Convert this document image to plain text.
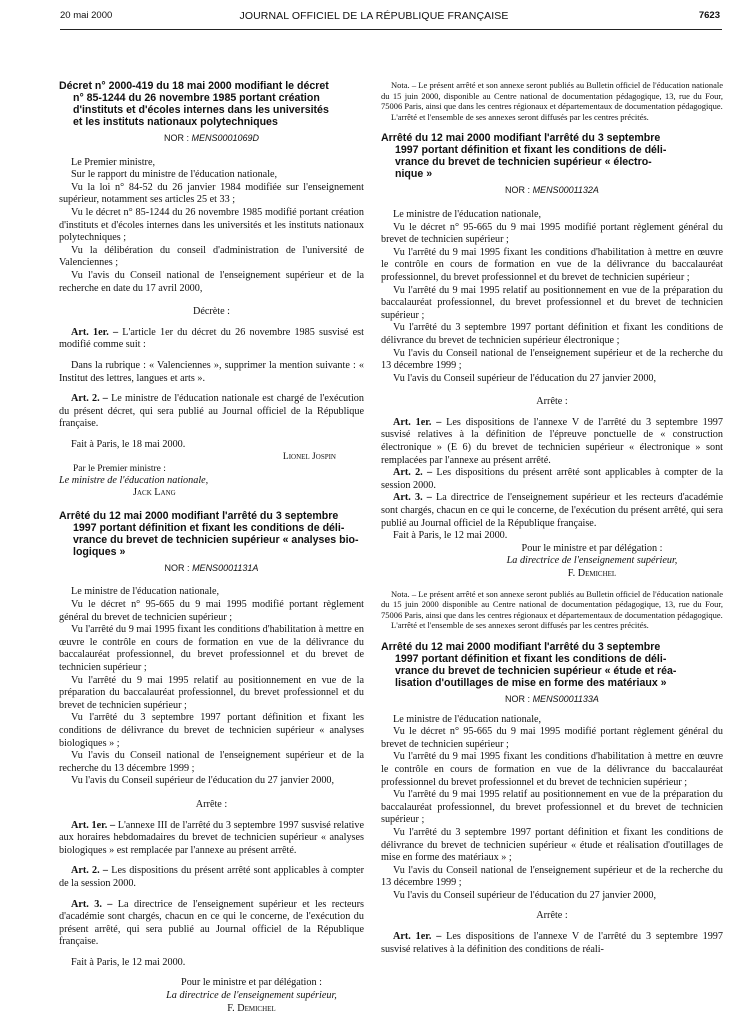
20 mai 2000	JOURNAL OFFICIEL DE LA RÉPUBLIQUE FRANÇAISE	7623
Décret n° 2000-419 du 18 mai 2000 modifiant le décret
n° 85-1244 du 26 novembre 1985 portant création
d'instituts et d'écoles internes dans les universités
et les instituts nationaux polytechniques
NOR : MENS0001069D

Le Premier ministre,

Sur le rapport du ministre de l'éducation nationale,

Vu la loi n° 84-52 du 26 janvier 1984 modifiée sur l'enseignement supérieur, notamment ses articles 25 et 33 ;

Vu le décret n° 85-1244 du 26 novembre 1985 modifié portant création d'instituts et d'écoles internes dans les universités et les instituts nationaux polytechniques ;

Vu la délibération du conseil d'administration de l'université de Valenciennes ;

Vu l'avis du Conseil national de l'enseignement supérieur et de la recherche en date du 17 avril 2000,

Décrète :

Art. 1er. – L'article 1er du décret du 26 novembre 1985 susvisé est modifié comme suit :

Dans la rubrique : « Valenciennes », supprimer la mention suivante : « Institut des lettres, langues et arts ».

Art. 2. – Le ministre de l'éducation nationale est chargé de l'exécution du présent décret, qui sera publié au Journal officiel de la République française.

Fait à Paris, le 18 mai 2000.

Lionel Jospin

Par le Premier ministre :

Le ministre de l'éducation nationale,

Jack Lang

Arrêté du 12 mai 2000 modifiant l'arrêté du 3 septembre
1997 portant définition et fixant les conditions de déli-
vrance du brevet de technicien supérieur « analyses bio-
logiques »
NOR : MENS0001131A

Le ministre de l'éducation nationale,

Vu le décret n° 95-665 du 9 mai 1995 modifié portant règlement général du brevet de technicien supérieur ;

Vu l'arrêté du 9 mai 1995 fixant les conditions d'habilitation à mettre en œuvre le contrôle en cours de formation en vue de la délivrance du baccalauréat professionnel, du brevet professionnel et du brevet de technicien supérieur ;

Vu l'arrêté du 9 mai 1995 relatif au positionnement en vue de la préparation du baccalauréat professionnel, du brevet professionnel et du brevet de technicien supérieur ;

Vu l'arrêté du 3 septembre 1997 portant définition et fixant les conditions de délivrance du brevet de technicien supérieur « analyses biologiques » ;

Vu l'avis du Conseil national de l'enseignement supérieur et de la recherche du 13 décembre 1999 ;

Vu l'avis du Conseil supérieur de l'éducation du 27 janvier 2000,

Arrête :

Art. 1er. – L'annexe III de l'arrêté du 3 septembre 1997 susvisé relative aux horaires hebdomadaires du brevet de technicien supérieur « analyses biologiques » est remplacée par l'annexe au présent arrêté.

Art. 2. – Les dispositions du présent arrêté sont applicables à compter de la session 2000.

Art. 3. – La directrice de l'enseignement supérieur et les recteurs d'académie sont chargés, chacun en ce qui le concerne, de l'exécution du présent arrêté, qui sera publié au Journal officiel de la République française.

Fait à Paris, le 12 mai 2000.

Pour le ministre et par délégation :

La directrice de l'enseignement supérieur,

F. Demichel

Nota. – Le présent arrêté et son annexe seront publiés au Bulletin officiel de l'éducation nationale du 15 juin 2000, disponible au Centre national de documentation pédagogique, 13, rue du Four, 75006 Paris, ainsi que dans les centres régionaux et départementaux de documentation pédagogique.

L'arrêté et l'ensemble de ses annexes seront diffusés par les centres précités.

Arrêté du 12 mai 2000 modifiant l'arrêté du 3 septembre
1997 portant définition et fixant les conditions de déli-
vrance du brevet de technicien supérieur « électro-
nique »
NOR : MENS0001132A

Le ministre de l'éducation nationale,

Vu le décret n° 95-665 du 9 mai 1995 modifié portant règlement général du brevet de technicien supérieur ;

Vu l'arrêté du 9 mai 1995 fixant les conditions d'habilitation à mettre en œuvre le contrôle en cours de formation en vue de la délivrance du baccalauréat professionnel, du brevet professionnel et du brevet de technicien supérieur ;

Vu l'arrêté du 9 mai 1995 relatif au positionnement en vue de la préparation du baccalauréat professionnel, du brevet professionnel et du brevet de technicien supérieur ;

Vu l'arrêté du 3 septembre 1997 portant définition et fixant les conditions de délivrance du brevet de technicien supérieur électronique ;

Vu l'avis du Conseil national de l'enseignement supérieur et de la recherche du 13 décembre 1999 ;

Vu l'avis du Conseil supérieur de l'éducation du 27 janvier 2000,

Arrête :

Art. 1er. – Les dispositions de l'annexe V de l'arrêté du 3 septembre 1997 susvisé relatives à la définition de l'épreuve ponctuelle de « construction électronique » (E 6) du brevet de technicien supérieur « électronique » sont remplacées par l'annexe au présent arrêté.

Art. 2. – Les dispositions du présent arrêté sont applicables à compter de la session 2000.

Art. 3. – La directrice de l'enseignement supérieur et les recteurs d'académie sont chargés, chacun en ce qui le concerne, de l'exécution du présent arrêté, qui sera publié au Journal officiel de la République française.

Fait à Paris, le 12 mai 2000.

Pour le ministre et par délégation :

La directrice de l'enseignement supérieur,

F. Demichel

Nota. – Le présent arrêté et son annexe seront publiés au Bulletin officiel de l'éducation nationale du 15 juin 2000 disponible au Centre national de documentation pédagogique, 13, rue du Four, 75006 Paris, ainsi que dans les centres régionaux et départementaux de documentation pédagogique.

L'arrêté et l'ensemble de ses annexes seront diffusés par les centres précités.

Arrêté du 12 mai 2000 modifiant l'arrêté du 3 septembre
1997 portant définition et fixant les conditions de déli-
vrance du brevet de technicien supérieur « étude et réa-
lisation d'outillages de mise en forme des matériaux »
NOR : MENS0001133A

Le ministre de l'éducation nationale,

Vu le décret n° 95-665 du 9 mai 1995 modifié portant règlement général du brevet de technicien supérieur ;

Vu l'arrêté du 9 mai 1995 fixant les conditions d'habilitation à mettre en œuvre le contrôle en cours de formation en vue de la délivrance du baccalauréat professionnel du brevet professionnel et du brevet de technicien supérieur ;

Vu l'arrêté du 9 mai 1995 relatif au positionnement en vue de la préparation du baccalauréat professionnel, du brevet professionnel et du brevet de technicien supérieur ;

Vu l'arrêté du 3 septembre 1997 portant définition et fixant les conditions de délivrance du brevet de technicien supérieur « étude et réalisation d'outillages de mise en forme des matériaux » ;

Vu l'avis du Conseil national de l'enseignement supérieur et de la recherche du 13 décembre 1999 ;

Vu l'avis du Conseil supérieur de l'éducation du 27 janvier 2000,

Arrête :

Art. 1er. – Les dispositions de l'annexe V de l'arrêté du 3 septembre 1997 susvisé relatives à la définition des conditions de réali-
